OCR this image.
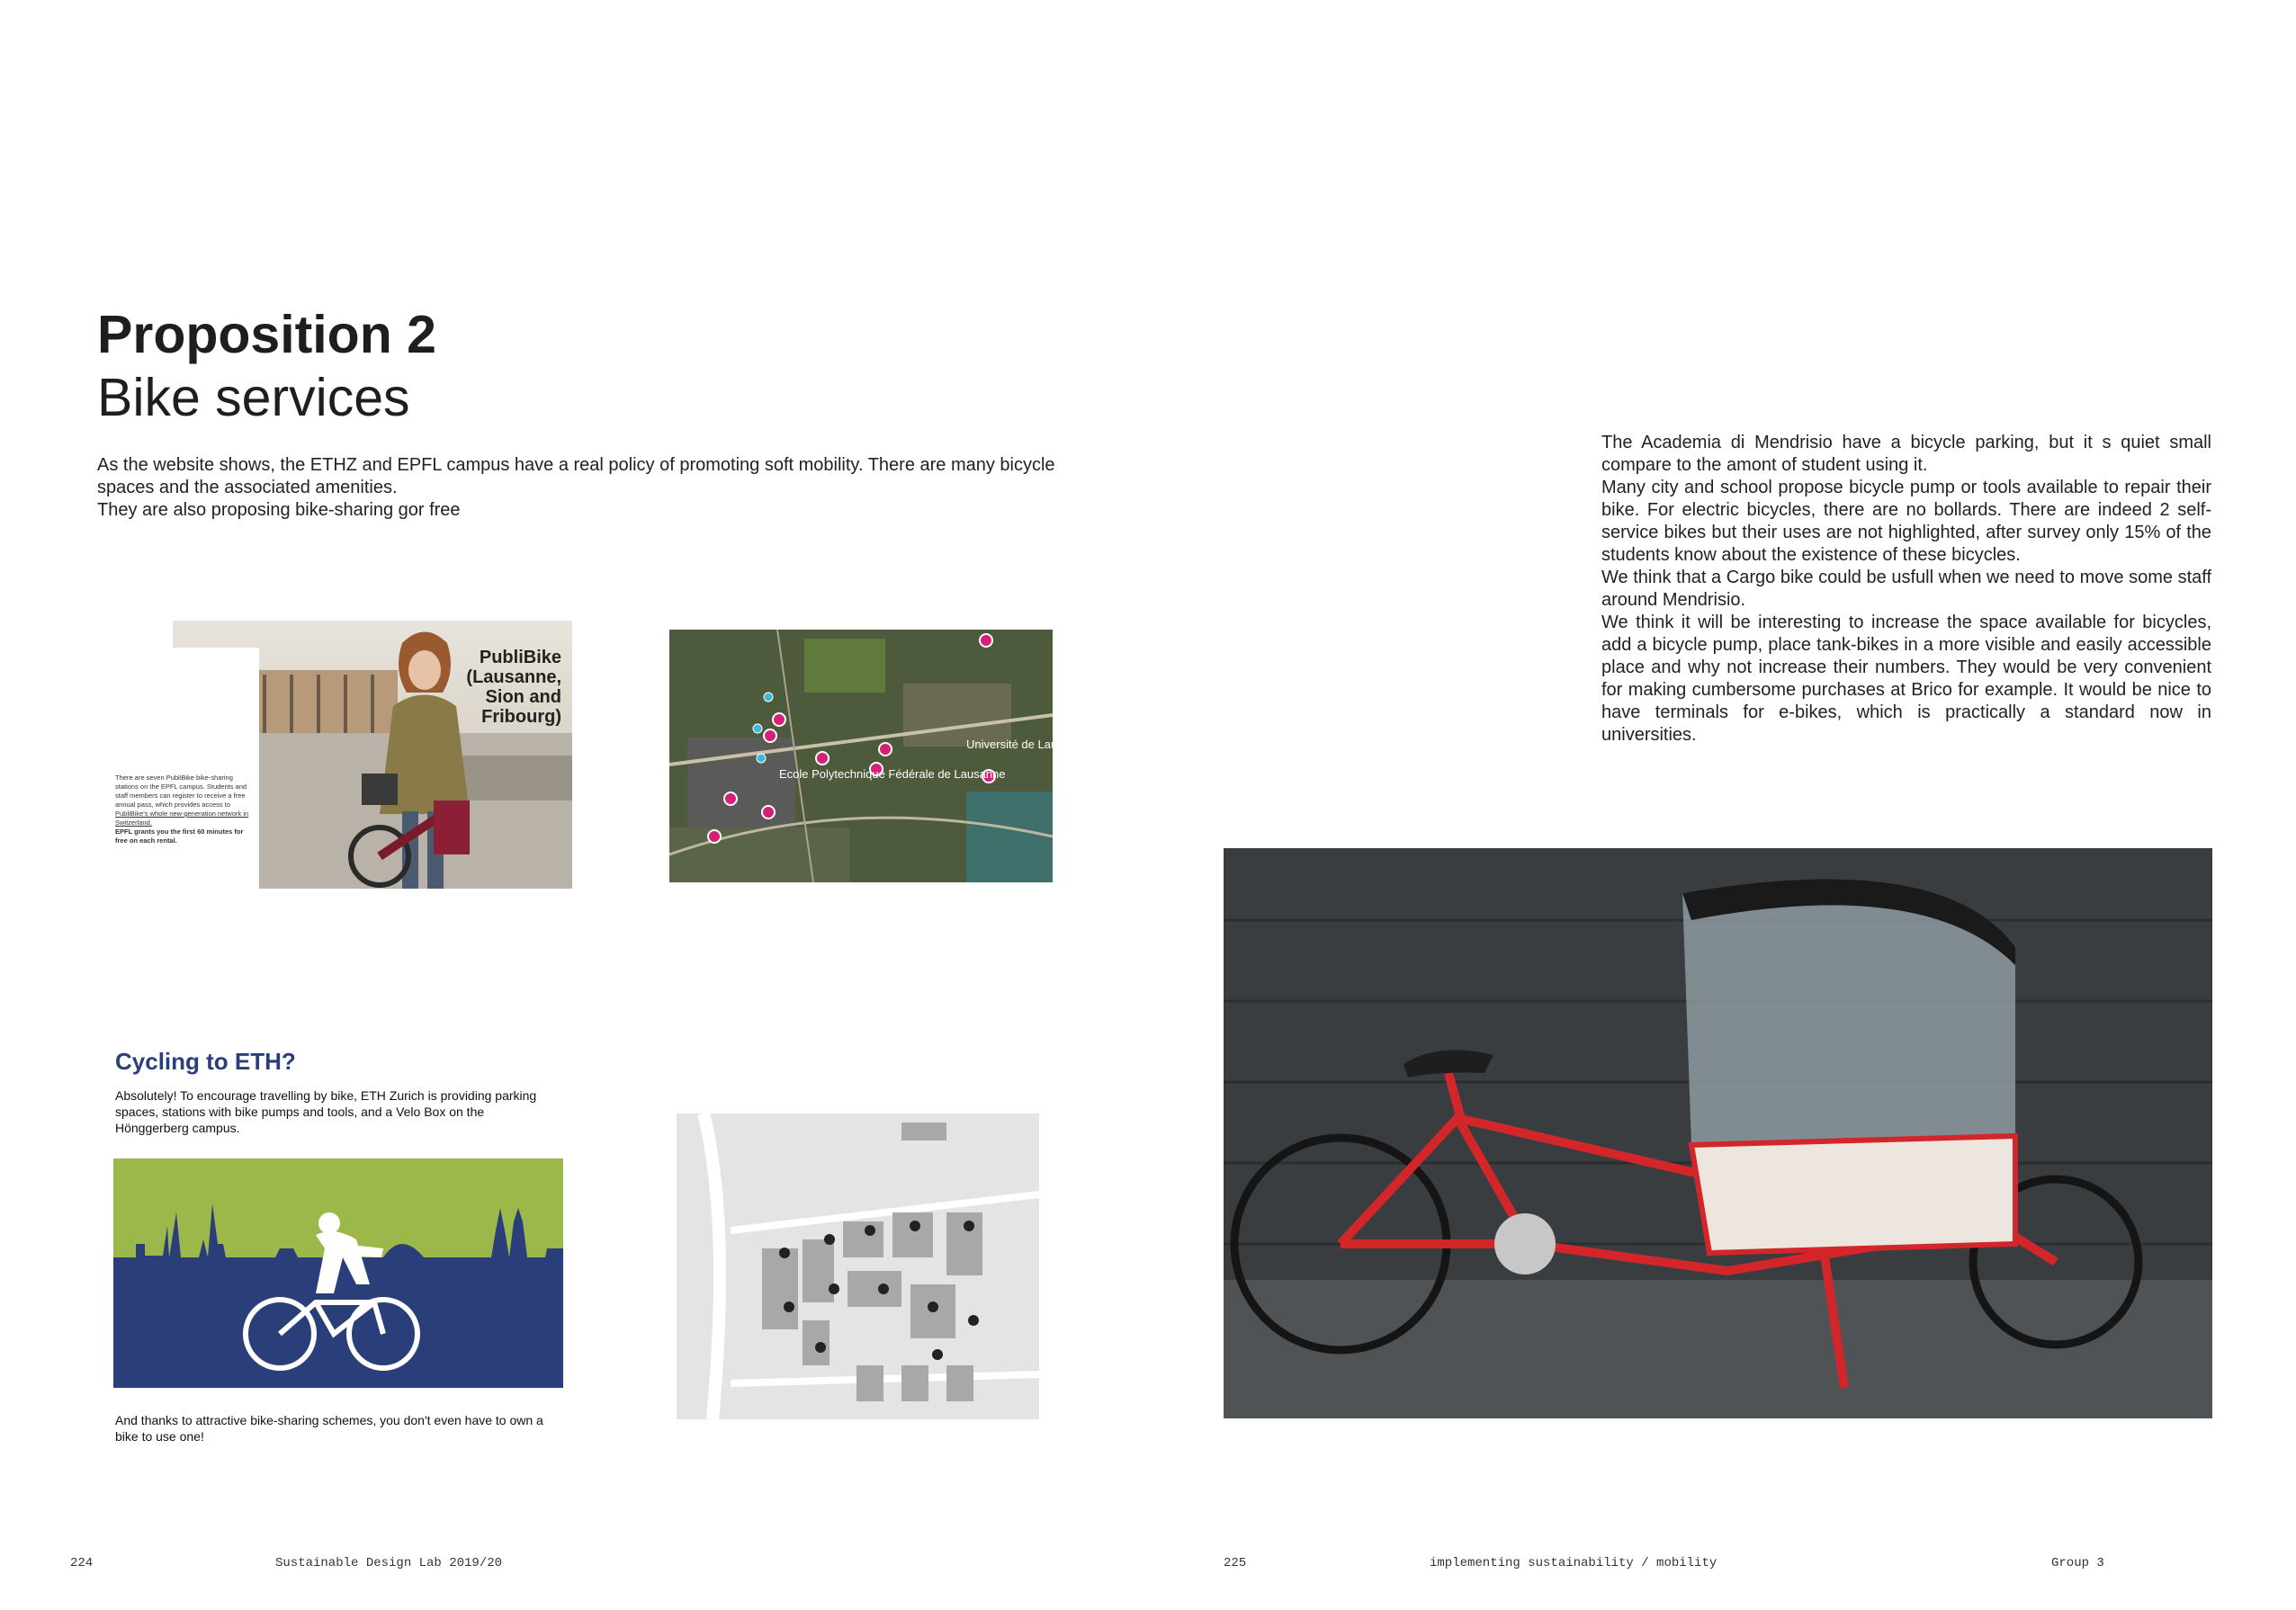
Proposition 2
Bike services

As the website shows, the ETHZ and EPFL campus have a real policy of promoting soft mobility. There are many bicycle spaces and the associated amenities.

They are also proposing bike-sharing gor free

The Academia di Mendrisio have a bicycle parking, but it s quiet small compare to the amont of student using it.

Many city and school propose bicycle pump or tools available to repair their bike. For electric bicycles, there are no bollards. There are indeed 2 self-service bikes but their uses are not highlighted, after survey only 15% of the students know about the existence of these bicycles.

We think that a Cargo bike could be usfull when we need to move some staff around Mendrisio.

We think it will be interesting to increase the space available for bicycles, add a bicycle pump, place tank-bikes in a more visible and easily accessible place and why not increase their numbers. They would be very convenient for making cumbersome purchases at Brico for example. It would be nice to have terminals for e-bikes, which is practically a standard now in universities.

PubliBike (Lausanne, Sion and Fribourg)
There are seven PubliBike bike-sharing stations on the EPFL campus. Students and staff members can register to receive a free annual pass, which provides access to PubliBike's whole new-generation network in Switzerland.
EPFL grants you the first 60 minutes for free on each rental.
Ecole Polytechnique Fédérale de Lausanne
Université de Lausanne
Cycling to ETH?
Absolutely! To encourage travelling by bike, ETH Zurich is providing parking spaces, stations with bike pumps and tools, and a Velo Box on the Hönggerberg campus.
And thanks to attractive bike-sharing schemes, you don't even have to own a bike to use one!
224	Sustainable Design Lab 2019/20	225	implementing sustainability / mobility	Group 3
